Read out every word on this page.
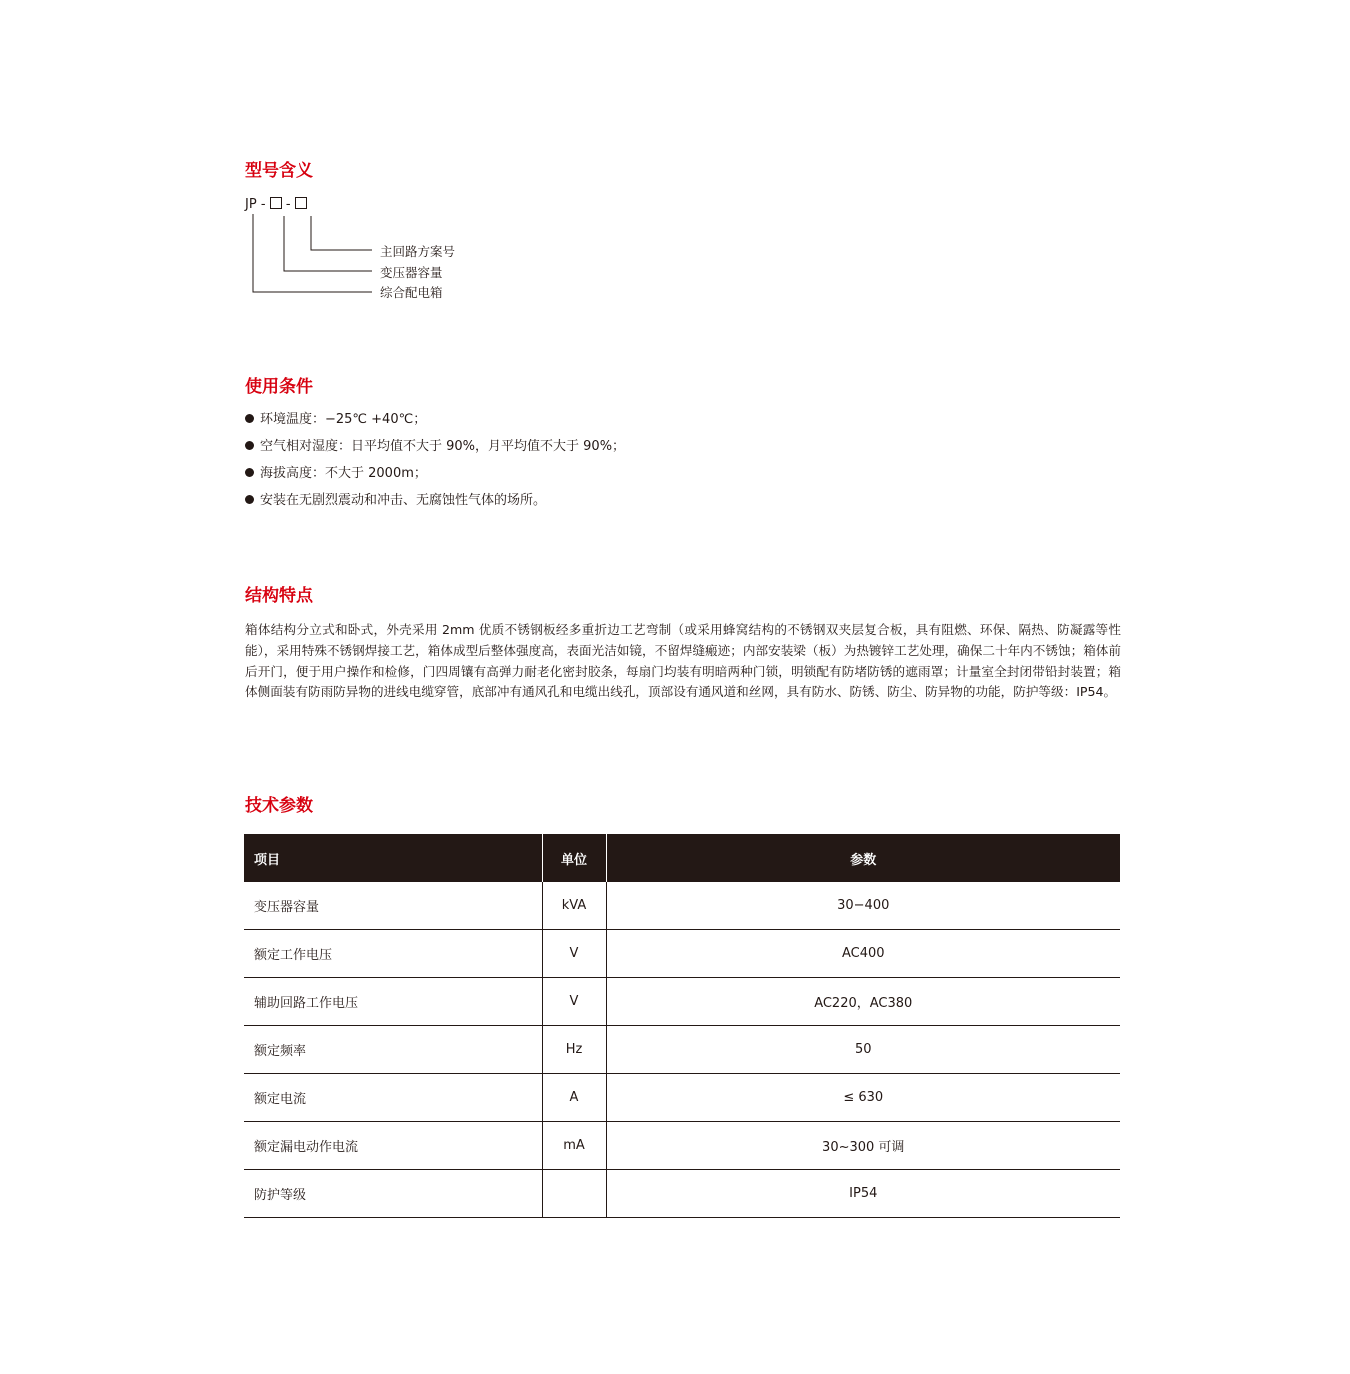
型号含义
JP - -
主回路方案号
变压器容量
综合配电箱
使用条件
环境温度：−25℃ +40℃；
空气相对湿度：日平均值不大于 90%，月平均值不大于 90%；
海拔高度：不大于 2000m；
安装在无剧烈震动和冲击、无腐蚀性气体的场所。
结构特点

箱体结构分立式和卧式，外壳采用 2mm 优质不锈钢板经多重折边工艺弯制（或采用蜂窝结构的不锈钢双夹层复合板，具有阻燃、环保、隔热、防凝露等性能），采用特殊不锈钢焊接工艺，箱体成型后整体强度高，表面光洁如镜，不留焊缝瘢迹；内部安装梁（板）为热镀锌工艺处理，确保二十年内不锈蚀；箱体前后开门，便于用户操作和检修，门四周镶有高弹力耐老化密封胶条，每扇门均装有明暗两种门锁，明锁配有防堵防锈的遮雨罩；计量室全封闭带铅封装置；箱体侧面装有防雨防异物的进线电缆穿管，底部冲有通风孔和电缆出线孔，顶部设有通风道和丝网，具有防水、防锈、防尘、防异物的功能，防护等级：IP54。

技术参数
项目	单位	参数
变压器容量	kVA	30−400
额定工作电压	V	AC400
辅助回路工作电压	V	AC220，AC380
额定频率	Hz	50
额定电流	A	≤ 630
额定漏电动作电流	mA	30~300 可调
防护等级		IP54
